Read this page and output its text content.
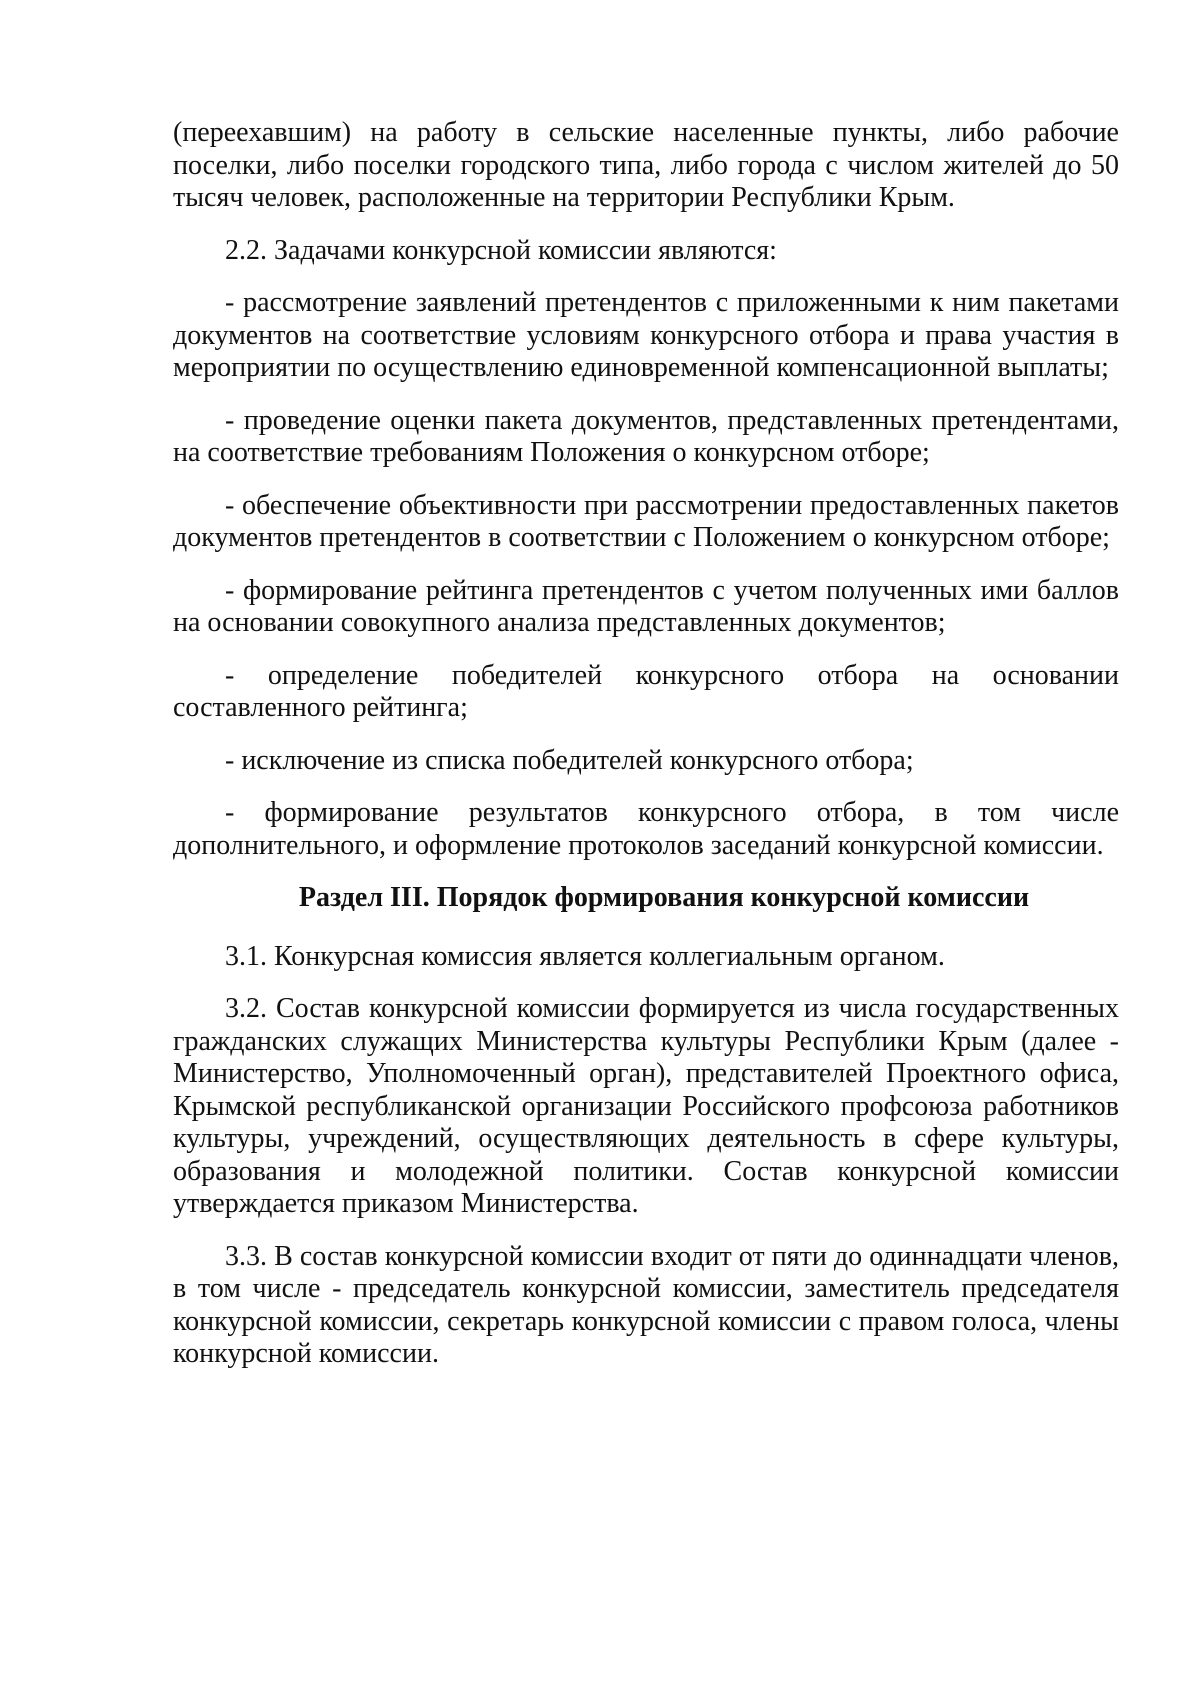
(переехавшим) на работу в сельские населенные пункты, либо рабочие поселки, либо поселки городского типа, либо города с числом жителей до 50 тысяч человек, расположенные на территории Республики Крым.

2.2. Задачами конкурсной комиссии являются:

- рассмотрение заявлений претендентов с приложенными к ним пакетами документов на соответствие условиям конкурсного отбора и права участия в мероприятии по осуществлению единовременной компенсационной выплаты;

- проведение оценки пакета документов, представленных претендентами, на соответствие требованиям Положения о конкурсном отборе;

- обеспечение объективности при рассмотрении предоставленных пакетов документов претендентов в соответствии с Положением о конкурсном отборе;

- формирование рейтинга претендентов с учетом полученных ими баллов на основании совокупного анализа представленных документов;

- определение победителей конкурсного отбора на основании составленного рейтинга;

- исключение из списка победителей конкурсного отбора;

- формирование результатов конкурсного отбора, в том числе дополнительного, и оформление протоколов заседаний конкурсной комиссии.

Раздел III. Порядок формирования конкурсной комиссии

3.1. Конкурсная комиссия является коллегиальным органом.

3.2. Состав конкурсной комиссии формируется из числа государственных гражданских служащих Министерства культуры Республики Крым (далее - Министерство, Уполномоченный орган), представителей Проектного офиса, Крымской республиканской организации Российского профсоюза работников культуры, учреждений, осуществляющих деятельность в сфере культуры, образования и молодежной политики. Состав конкурсной комиссии утверждается приказом Министерства.

3.3. В состав конкурсной комиссии входит от пяти до одиннадцати членов, в том числе - председатель конкурсной комиссии, заместитель председателя конкурсной комиссии, секретарь конкурсной комиссии с правом голоса, члены конкурсной комиссии.
